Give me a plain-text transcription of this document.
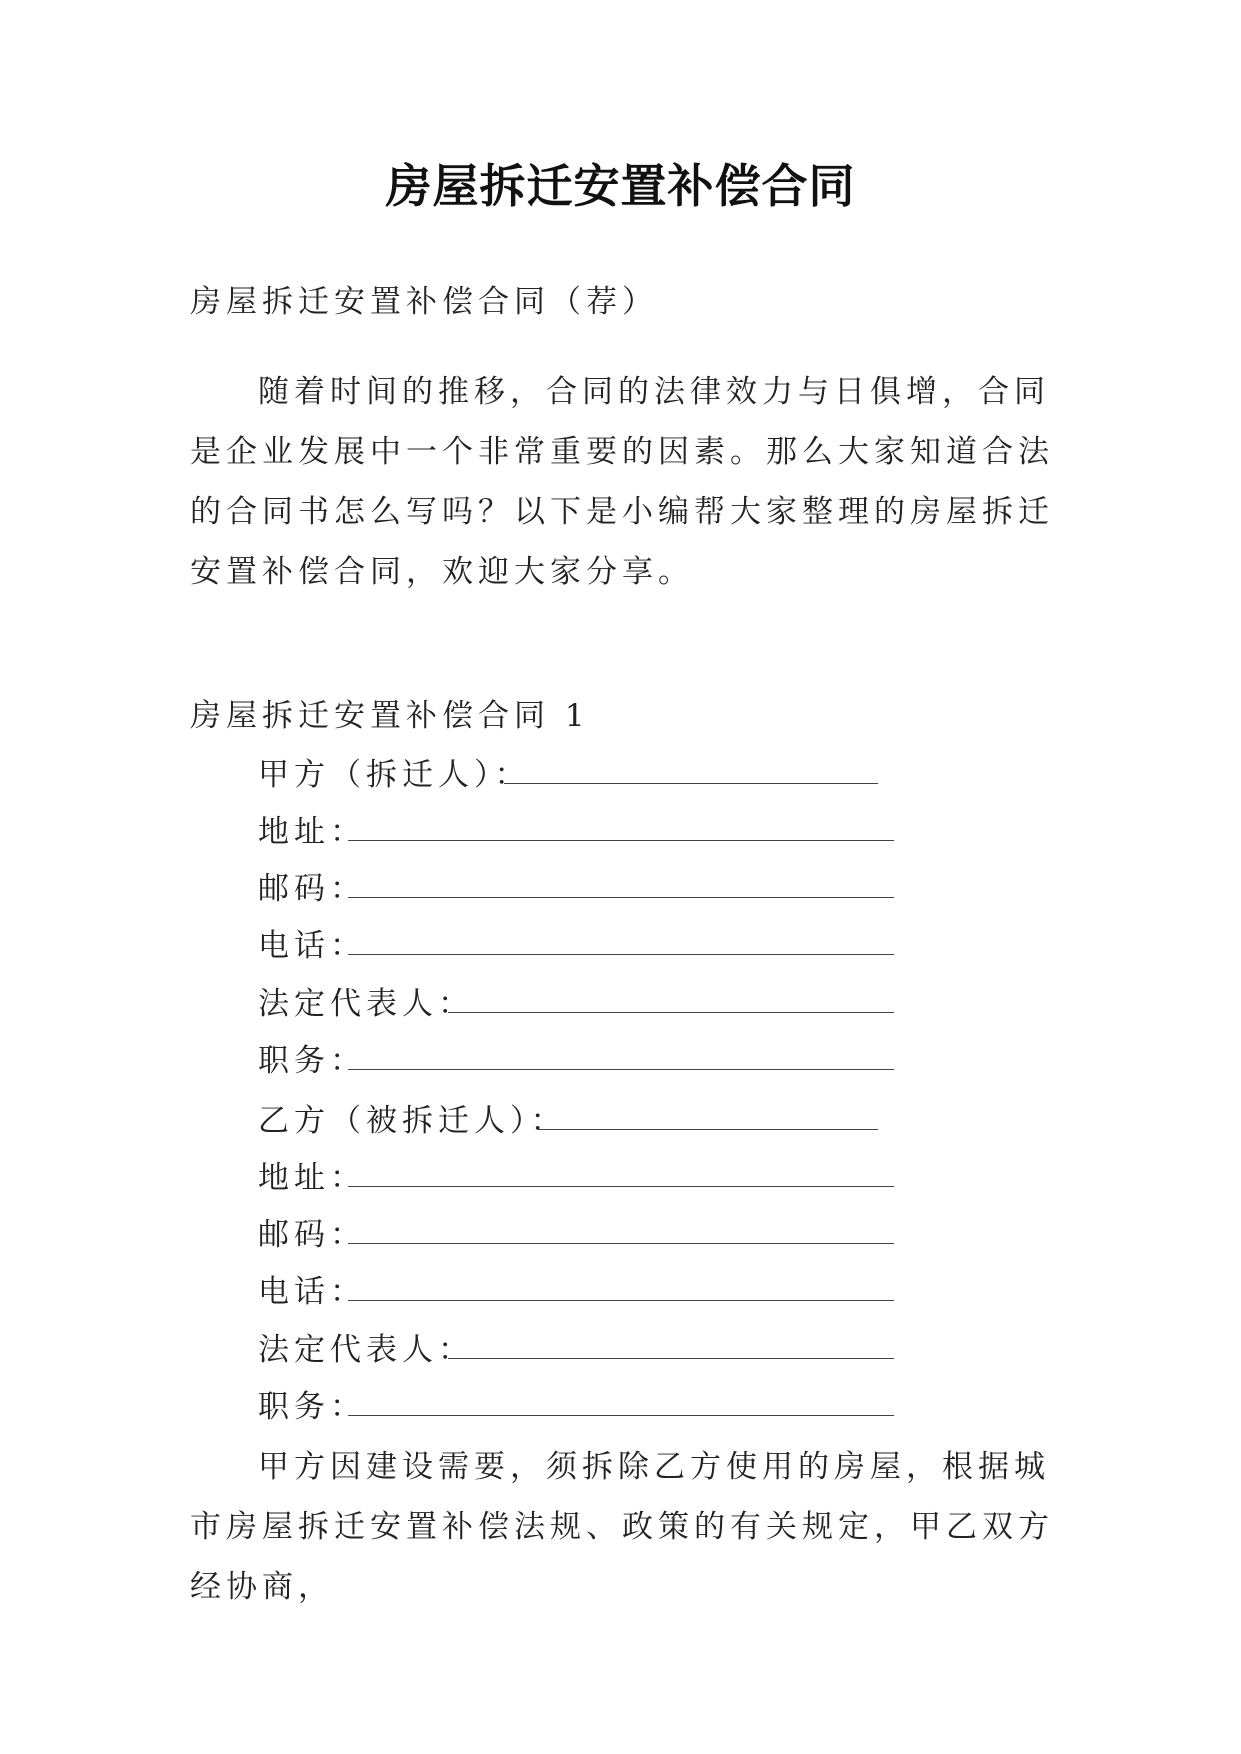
房屋拆迁安置补偿合同
房屋拆迁安置补偿合同（荐）
随着时间的推移，合同的法律效力与日俱增，合同是企业发展中一个非常重要的因素。那么大家知道合法的合同书怎么写吗？以下是小编帮大家整理的房屋拆迁安置补偿合同，欢迎大家分享。
房屋拆迁安置补偿合同 1
甲方（拆迁人）：
地址：
邮码：
电话：
法定代表人：
职务：
乙方（被拆迁人）：
地址：
邮码：
电话：
法定代表人：
职务：
甲方因建设需要，须拆除乙方使用的房屋，根据城市房屋拆迁安置补偿法规、政策的有关规定，甲乙双方经协商，
